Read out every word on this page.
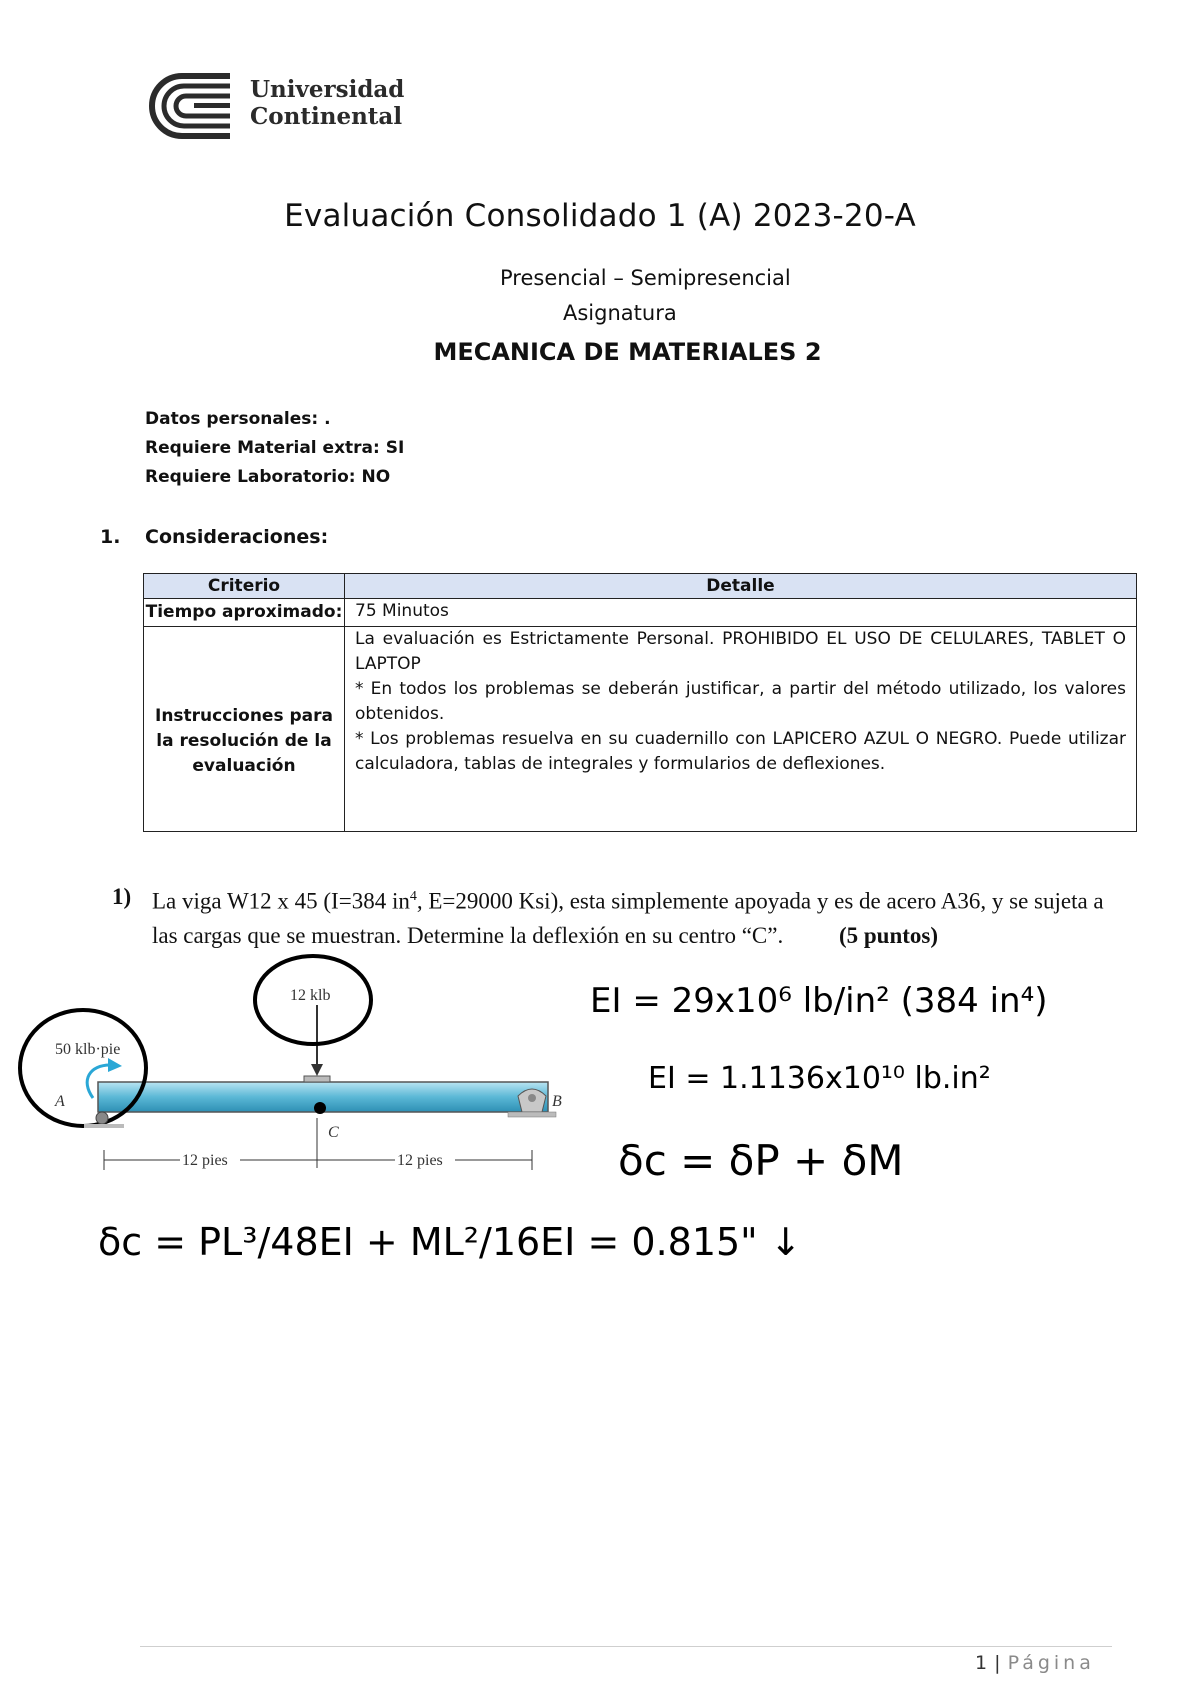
Universidad
Continental
Evaluación Consolidado 1 (A) 2023-20-A
Presencial – Semipresencial
Asignatura
MECANICA DE MATERIALES 2
Datos personales: .
Requiere Material extra: SI
Requiere Laboratorio: NO
1. Consideraciones:
Criterio	Detalle
Tiempo aproximado:	75 Minutos
Instrucciones para la resolución de la evaluación	La evaluación es Estrictamente Personal. PROHIBIDO EL USO DE CELULARES, TABLET O LAPTOP
* En todos los problemas se deberán justificar, a partir del método utilizado, los valores obtenidos.
* Los problemas resuelva en su cuadernillo con LAPICERO AZUL O NEGRO. Puede utilizar calculadora, tablas de integrales y formularios de deflexiones.
1) La viga W12 x 45 (I=384 $in^4$, E=29000 Ksi), esta simplemente apoyada y es de acero A36, y se sujeta a las cargas que se muestran. Determine la deflexión en su centro “C”. (5 puntos)
12 klb
50 klb·pie
A	B
C
12 pies	12 pies
EI = 29x10⁶ lb/in² (384 in⁴)
EI = 1.1136x10¹⁰ lb.in²
δc = δP + δM
δc = PL³/48EI + ML²/16EI = 0.815" ↓
1 | Página
